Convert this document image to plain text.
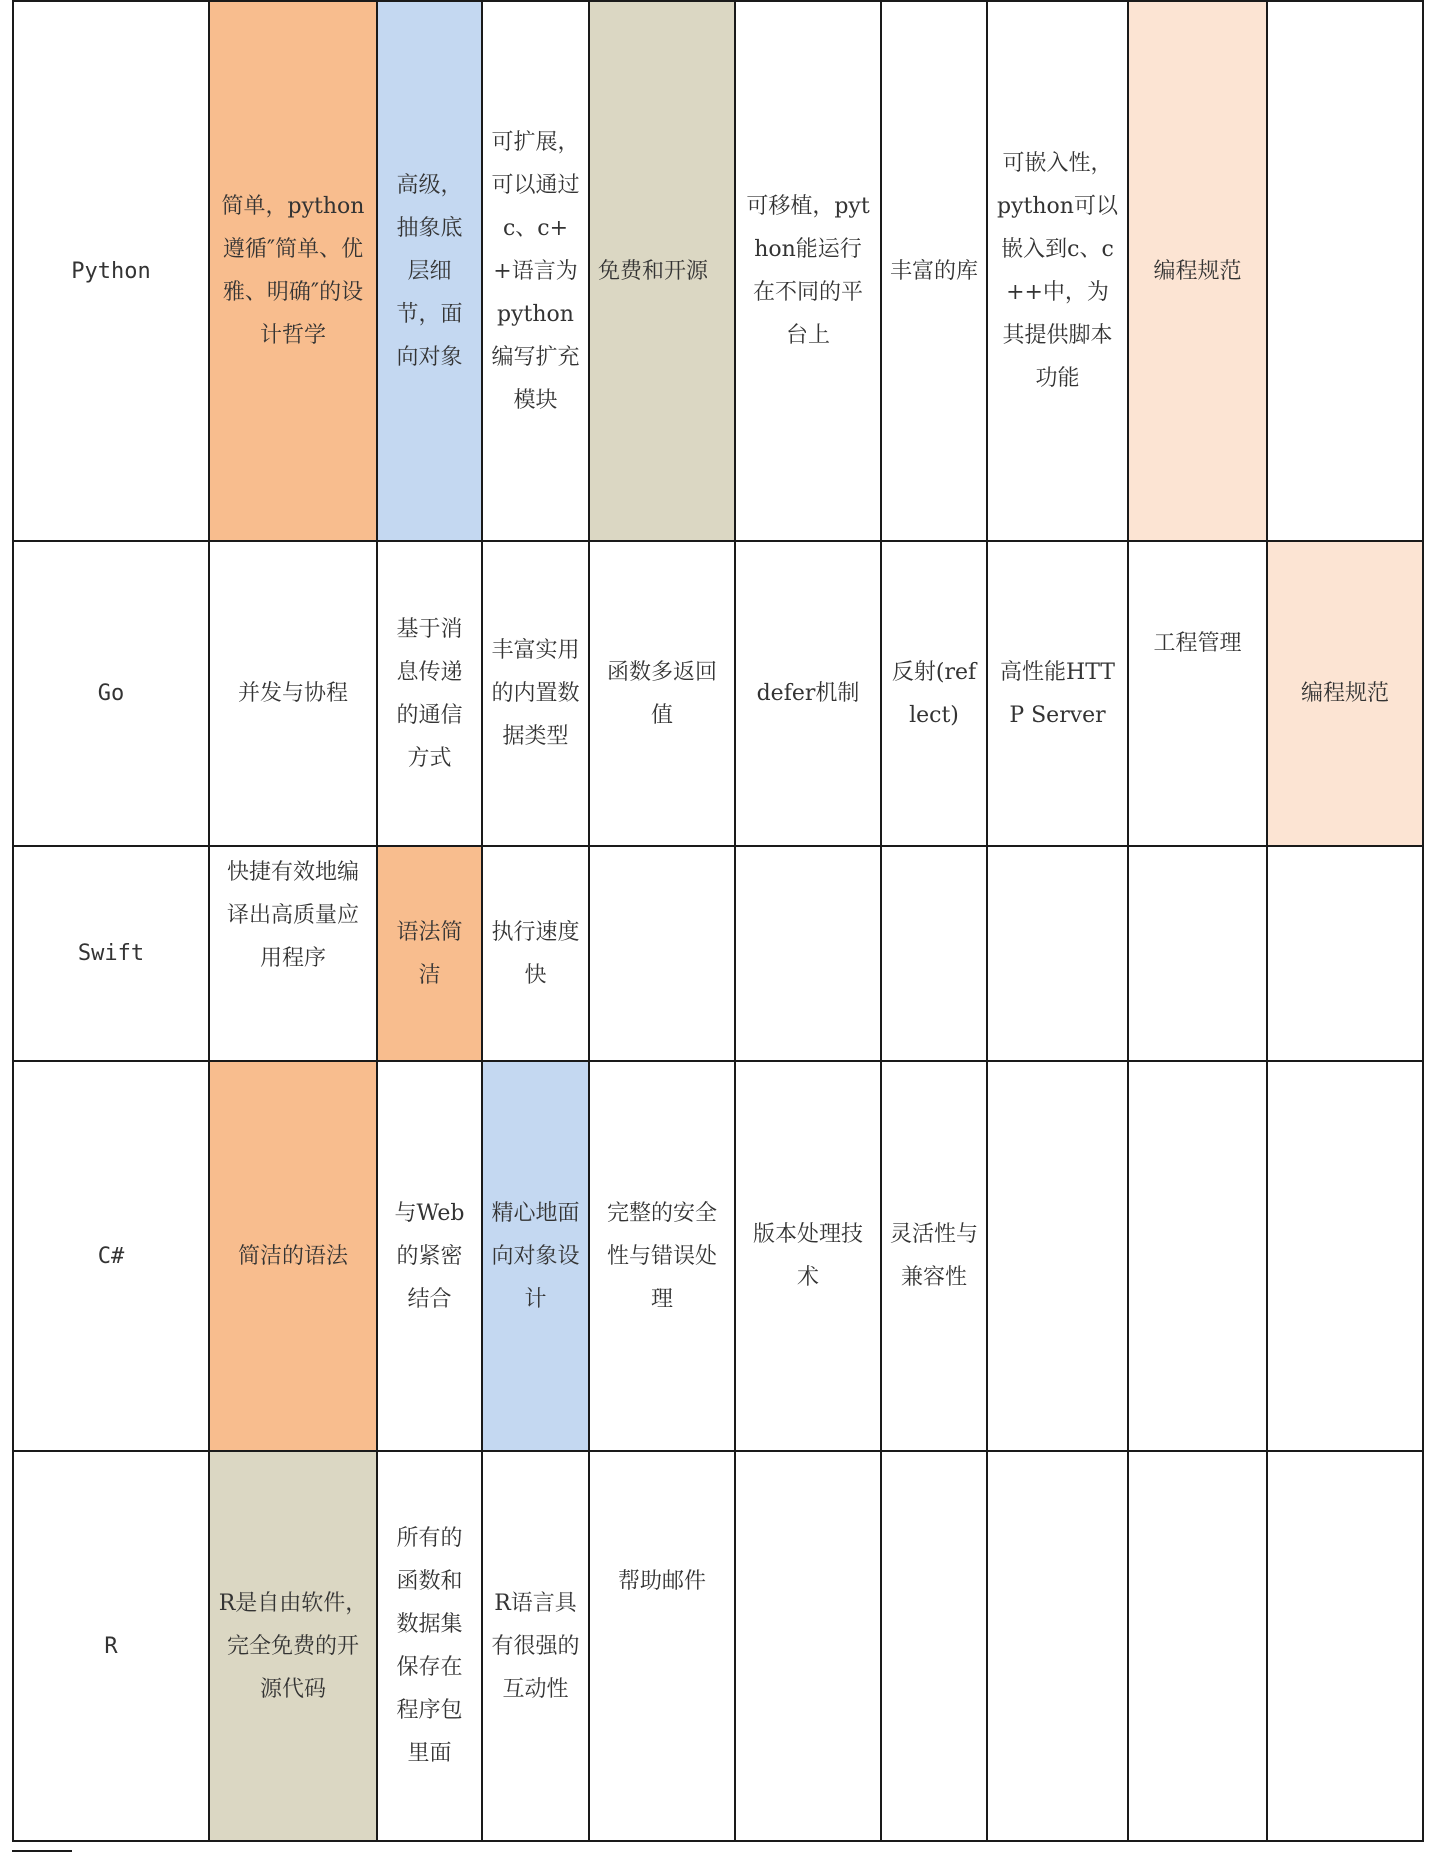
Python	简单，python遵循″简单、优雅、明确″的设计哲学	高级，抽象底层细节，面向对象	可扩展，可以通过c、c++语言为python编写扩充模块	免费和开源	可移植，python能运行在不同的平台上	丰富的库	可嵌入性，python可以嵌入到c、c++中，为其提供脚本功能	编程规范	
Go	并发与协程	基于消息传递的通信方式	丰富实用的内置数据类型	函数多返回值	defer机制	反射(reflect)	高性能HTTP Server	工程管理	编程规范
Swift	快捷有效地编译出高质量应用程序	语法简洁	执行速度快						
C#	简洁的语法	与Web的紧密结合	精心地面向对象设计	完整的安全性与错误处理	版本处理技术	灵活性与兼容性			
R	R是自由软件，完全免费的开源代码	所有的函数和数据集保存在程序包里面	R语言具有很强的互动性	帮助邮件					
